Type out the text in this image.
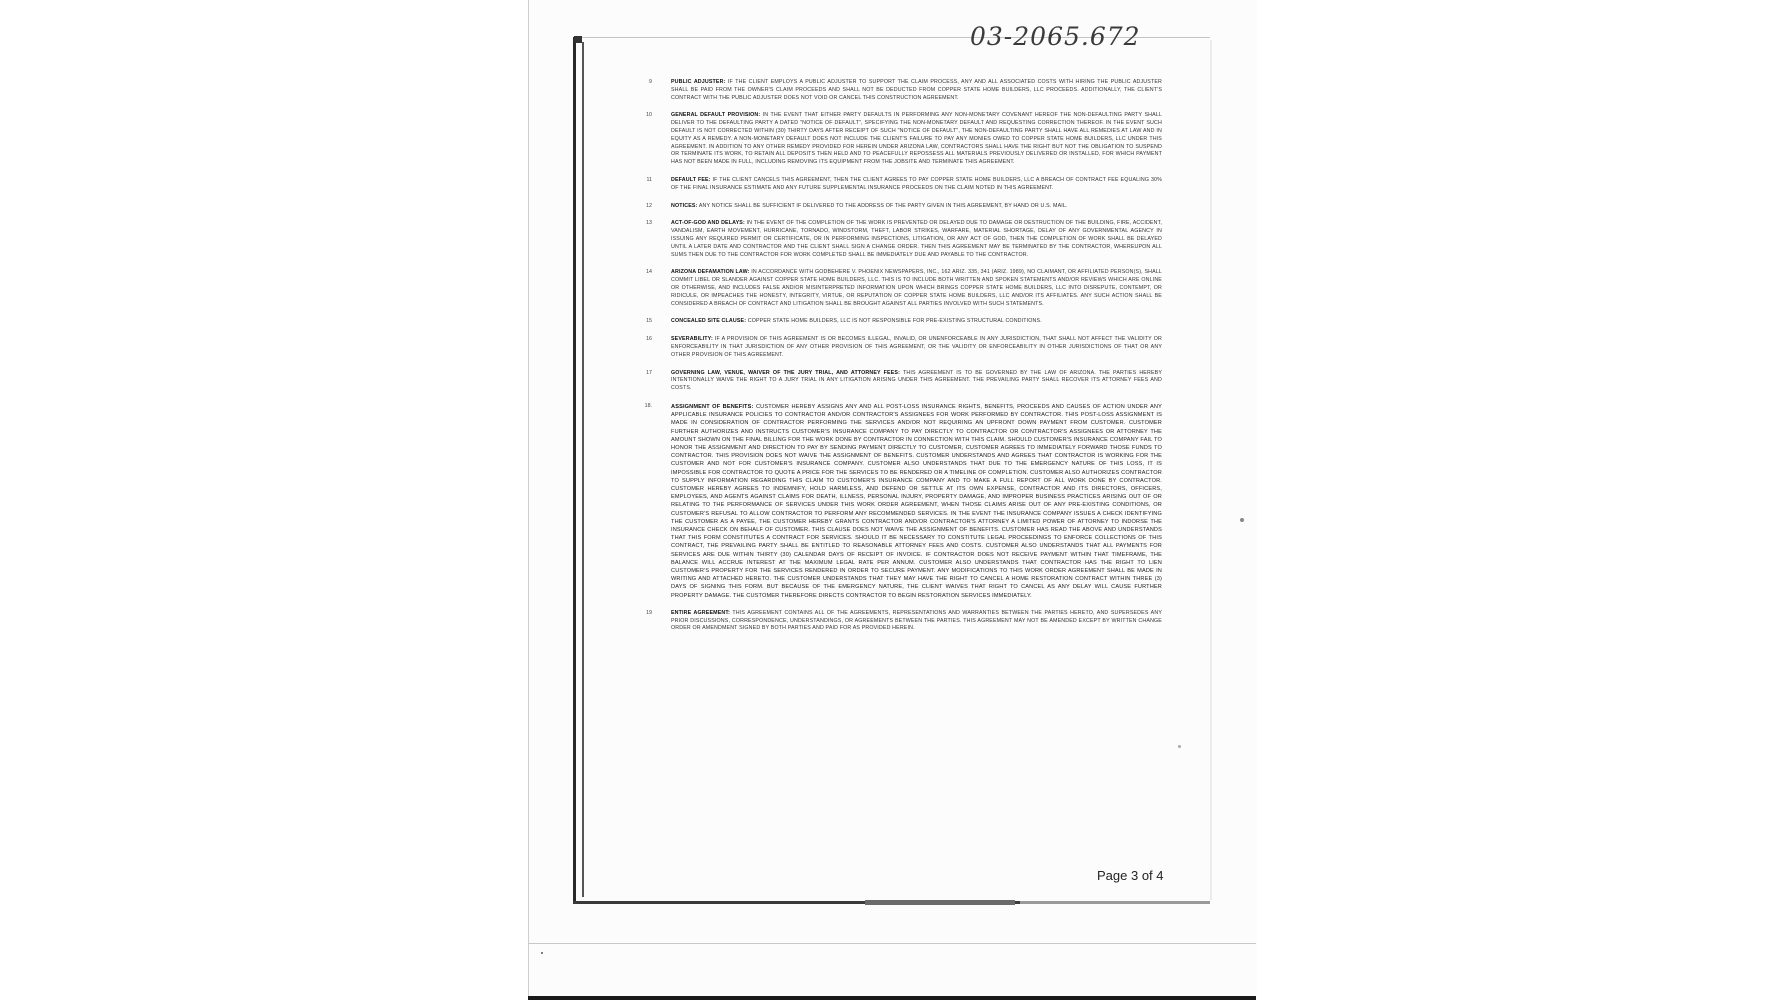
03-2065.672
9	PUBLIC ADJUSTER: IF THE CLIENT EMPLOYS A PUBLIC ADJUSTER TO SUPPORT THE CLAIM PROCESS, ANY AND ALL ASSOCIATED COSTS WITH HIRING THE PUBLIC ADJUSTER SHALL BE PAID FROM THE OWNER'S CLAIM PROCEEDS AND SHALL NOT BE DEDUCTED FROM COPPER STATE HOME BUILDERS, LLC PROCEEDS. ADDITIONALLY, THE CLIENT'S CONTRACT WITH THE PUBLIC ADJUSTER DOES NOT VOID OR CANCEL THIS CONSTRUCTION AGREEMENT.
10	GENERAL DEFAULT PROVISION: IN THE EVENT THAT EITHER PARTY DEFAULTS IN PERFORMING ANY NON-MONETARY COVENANT HEREOF THE NON-DEFAULTING PARTY SHALL DELIVER TO THE DEFAULTING PARTY A DATED "NOTICE OF DEFAULT", SPECIFYING THE NON-MONETARY DEFAULT AND REQUESTING CORRECTION THEREOF. IN THE EVENT SUCH DEFAULT IS NOT CORRECTED WITHIN (30) THIRTY DAYS AFTER RECEIPT OF SUCH "NOTICE OF DEFAULT", THE NON-DEFAULTING PARTY SHALL HAVE ALL REMEDIES AT LAW AND IN EQUITY AS A REMEDY. A NON-MONETARY DEFAULT DOES NOT INCLUDE THE CLIENT'S FAILURE TO PAY ANY MONIES OWED TO COPPER STATE HOME BUILDERS, LLC UNDER THIS AGREEMENT. IN ADDITION TO ANY OTHER REMEDY PROVIDED FOR HEREIN UNDER ARIZONA LAW, CONTRACTORS SHALL HAVE THE RIGHT BUT NOT THE OBLIGATION TO SUSPEND OR TERMINATE ITS WORK, TO RETAIN ALL DEPOSITS THEN HELD AND TO PEACEFULLY REPOSSESS ALL MATERIALS PREVIOUSLY DELIVERED OR INSTALLED, FOR WHICH PAYMENT HAS NOT BEEN MADE IN FULL, INCLUDING REMOVING ITS EQUIPMENT FROM THE JOBSITE AND TERMINATE THIS AGREEMENT.
11	DEFAULT FEE: IF THE CLIENT CANCELS THIS AGREEMENT, THEN THE CLIENT AGREES TO PAY COPPER STATE HOME BUILDERS, LLC A BREACH OF CONTRACT FEE EQUALING 30% OF THE FINAL INSURANCE ESTIMATE AND ANY FUTURE SUPPLEMENTAL INSURANCE PROCEEDS ON THE CLAIM NOTED IN THIS AGREEMENT.
12	NOTICES: ANY NOTICE SHALL BE SUFFICIENT IF DELIVERED TO THE ADDRESS OF THE PARTY GIVEN IN THIS AGREEMENT, BY HAND OR U.S. MAIL.
13	ACT-OF-GOD AND DELAYS: IN THE EVENT OF THE COMPLETION OF THE WORK IS PREVENTED OR DELAYED DUE TO DAMAGE OR DESTRUCTION OF THE BUILDING, FIRE, ACCIDENT, VANDALISM, EARTH MOVEMENT, HURRICANE, TORNADO, WINDSTORM, THEFT, LABOR STRIKES, WARFARE, MATERIAL SHORTAGE, DELAY OF ANY GOVERNMENTAL AGENCY IN ISSUING ANY REQUIRED PERMIT OR CERTIFICATE, OR IN PERFORMING INSPECTIONS, LITIGATION, OR ANY ACT OF GOD, THEN THE COMPLETION OF WORK SHALL BE DELAYED UNTIL A LATER DATE AND CONTRACTOR AND THE CLIENT SHALL SIGN A CHANGE ORDER. THEN THIS AGREEMENT MAY BE TERMINATED BY THE CONTRACTOR, WHEREUPON ALL SUMS THEN DUE TO THE CONTRACTOR FOR WORK COMPLETED SHALL BE IMMEDIATELY DUE AND PAYABLE TO THE CONTRACTOR.
14	ARIZONA DEFAMATION LAW: IN ACCORDANCE WITH GODBEHERE V. PHOENIX NEWSPAPERS, INC., 162 ARIZ. 335, 341 (ARIZ. 1989), NO CLAIMANT, OR AFFILIATED PERSON(S), SHALL COMMIT LIBEL OR SLANDER AGAINST COPPER STATE HOME BUILDERS, LLC. THIS IS TO INCLUDE BOTH WRITTEN AND SPOKEN STATEMENTS AND/OR REVIEWS WHICH ARE ONLINE OR OTHERWISE, AND INCLUDES FALSE AND/OR MISINTERPRETED INFORMATION UPON WHICH BRINGS COPPER STATE HOME BUILDERS, LLC INTO DISREPUTE, CONTEMPT, OR RIDICULE, OR IMPEACHES THE HONESTY, INTEGRITY, VIRTUE, OR REPUTATION OF COPPER STATE HOME BUILDERS, LLC AND/OR ITS AFFILIATES. ANY SUCH ACTION SHALL BE CONSIDERED A BREACH OF CONTRACT AND LITIGATION SHALL BE BROUGHT AGAINST ALL PARTIES INVOLVED WITH SUCH STATEMENTS.
15	CONCEALED SITE CLAUSE: COPPER STATE HOME BUILDERS, LLC IS NOT RESPONSIBLE FOR PRE-EXISTING STRUCTURAL CONDITIONS.
16	SEVERABILITY: IF A PROVISION OF THIS AGREEMENT IS OR BECOMES ILLEGAL, INVALID, OR UNENFORCEABLE IN ANY JURISDICTION, THAT SHALL NOT AFFECT THE VALIDITY OR ENFORCEABILITY IN THAT JURISDICTION OF ANY OTHER PROVISION OF THIS AGREEMENT, OR THE VALIDITY OR ENFORCEABILITY IN OTHER JURISDICTIONS OF THAT OR ANY OTHER PROVISION OF THIS AGREEMENT.
17	GOVERNING LAW, VENUE, WAIVER OF THE JURY TRIAL, AND ATTORNEY FEES: THIS AGREEMENT IS TO BE GOVERNED BY THE LAW OF ARIZONA. THE PARTIES HEREBY INTENTIONALLY WAIVE THE RIGHT TO A JURY TRIAL IN ANY LITIGATION ARISING UNDER THIS AGREEMENT. THE PREVAILING PARTY SHALL RECOVER ITS ATTORNEY FEES AND COSTS.
18.	ASSIGNMENT OF BENEFITS: CUSTOMER HEREBY ASSIGNS ANY AND ALL POST-LOSS INSURANCE RIGHTS, BENEFITS, PROCEEDS AND CAUSES OF ACTION UNDER ANY APPLICABLE INSURANCE POLICIES TO CONTRACTOR AND/OR CONTRACTOR'S ASSIGNEES FOR WORK PERFORMED BY CONTRACTOR. THIS POST-LOSS ASSIGNMENT IS MADE IN CONSIDERATION OF CONTRACTOR PERFORMING THE SERVICES AND/OR NOT REQUIRING AN UPFRONT DOWN PAYMENT FROM CUSTOMER. CUSTOMER FURTHER AUTHORIZES AND INSTRUCTS CUSTOMER'S INSURANCE COMPANY TO PAY DIRECTLY TO CONTRACTOR OR CONTRACTOR'S ASSIGNEES OR ATTORNEY THE AMOUNT SHOWN ON THE FINAL BILLING FOR THE WORK DONE BY CONTRACTOR IN CONNECTION WITH THIS CLAIM. SHOULD CUSTOMER'S INSURANCE COMPANY FAIL TO HONOR THE ASSIGNMENT AND DIRECTION TO PAY BY SENDING PAYMENT DIRECTLY TO CUSTOMER, CUSTOMER AGREES TO IMMEDIATELY FORWARD THOSE FUNDS TO CONTRACTOR. THIS PROVISION DOES NOT WAIVE THE ASSIGNMENT OF BENEFITS. CUSTOMER UNDERSTANDS AND AGREES THAT CONTRACTOR IS WORKING FOR THE CUSTOMER AND NOT FOR CUSTOMER'S INSURANCE COMPANY. CUSTOMER ALSO UNDERSTANDS THAT DUE TO THE EMERGENCY NATURE OF THIS LOSS, IT IS IMPOSSIBLE FOR CONTRACTOR TO QUOTE A PRICE FOR THE SERVICES TO BE RENDERED OR A TIMELINE OF COMPLETION. CUSTOMER ALSO AUTHORIZES CONTRACTOR TO SUPPLY INFORMATION REGARDING THIS CLAIM TO CUSTOMER'S INSURANCE COMPANY AND TO MAKE A FULL REPORT OF ALL WORK DONE BY CONTRACTOR. CUSTOMER HEREBY AGREES TO INDEMNIFY, HOLD HARMLESS, AND DEFEND OR SETTLE AT ITS OWN EXPENSE, CONTRACTOR AND ITS DIRECTORS, OFFICERS, EMPLOYEES, AND AGENTS AGAINST CLAIMS FOR DEATH, ILLNESS, PERSONAL INJURY, PROPERTY DAMAGE, AND IMPROPER BUSINESS PRACTICES ARISING OUT OF OR RELATING TO THE PERFORMANCE OF SERVICES UNDER THIS WORK ORDER AGREEMENT, WHEN THOSE CLAIMS ARISE OUT OF ANY PRE-EXISTING CONDITIONS, OR CUSTOMER'S REFUSAL TO ALLOW CONTRACTOR TO PERFORM ANY RECOMMENDED SERVICES. IN THE EVENT THE INSURANCE COMPANY ISSUES A CHECK IDENTIFYING THE CUSTOMER AS A PAYEE, THE CUSTOMER HEREBY GRANTS CONTRACTOR AND/OR CONTRACTOR'S ATTORNEY A LIMITED POWER OF ATTORNEY TO INDORSE THE INSURANCE CHECK ON BEHALF OF CUSTOMER. THIS CLAUSE DOES NOT WAIVE THE ASSIGNMENT OF BENEFITS. CUSTOMER HAS READ THE ABOVE AND UNDERSTANDS THAT THIS FORM CONSTITUTES A CONTRACT FOR SERVICES. SHOULD IT BE NECESSARY TO CONSTITUTE LEGAL PROCEEDINGS TO ENFORCE COLLECTIONS OF THIS CONTRACT, THE PREVAILING PARTY SHALL BE ENTITLED TO REASONABLE ATTORNEY FEES AND COSTS. CUSTOMER ALSO UNDERSTANDS THAT ALL PAYMENTS FOR SERVICES ARE DUE WITHIN THIRTY (30) CALENDAR DAYS OF RECEIPT OF INVOICE. IF CONTRACTOR DOES NOT RECEIVE PAYMENT WITHIN THAT TIMEFRAME, THE BALANCE WILL ACCRUE INTEREST AT THE MAXIMUM LEGAL RATE PER ANNUM. CUSTOMER ALSO UNDERSTANDS THAT CONTRACTOR HAS THE RIGHT TO LIEN CUSTOMER'S PROPERTY FOR THE SERVICES RENDERED IN ORDER TO SECURE PAYMENT. ANY MODIFICATIONS TO THIS WORK ORDER AGREEMENT SHALL BE MADE IN WRITING AND ATTACHED HERETO. THE CUSTOMER UNDERSTANDS THAT THEY MAY HAVE THE RIGHT TO CANCEL A HOME RESTORATION CONTRACT WITHIN THREE (3) DAYS OF SIGNING THIS FORM. BUT BECAUSE OF THE EMERGENCY NATURE, THE CLIENT WAIVES THAT RIGHT TO CANCEL AS ANY DELAY WILL CAUSE FURTHER PROPERTY DAMAGE. THE CUSTOMER THEREFORE DIRECTS CONTRACTOR TO BEGIN RESTORATION SERVICES IMMEDIATELY.
19	ENTIRE AGREEMENT: THIS AGREEMENT CONTAINS ALL OF THE AGREEMENTS, REPRESENTATIONS AND WARRANTIES BETWEEN THE PARTIES HERETO, AND SUPERSEDES ANY PRIOR DISCUSSIONS, CORRESPONDENCE, UNDERSTANDINGS, OR AGREEMENTS BETWEEN THE PARTIES. THIS AGREEMENT MAY NOT BE AMENDED EXCEPT BY WRITTEN CHANGE ORDER OR AMENDMENT SIGNED BY BOTH PARTIES AND PAID FOR AS PROVIDED HEREIN.
Page 3 of 4
